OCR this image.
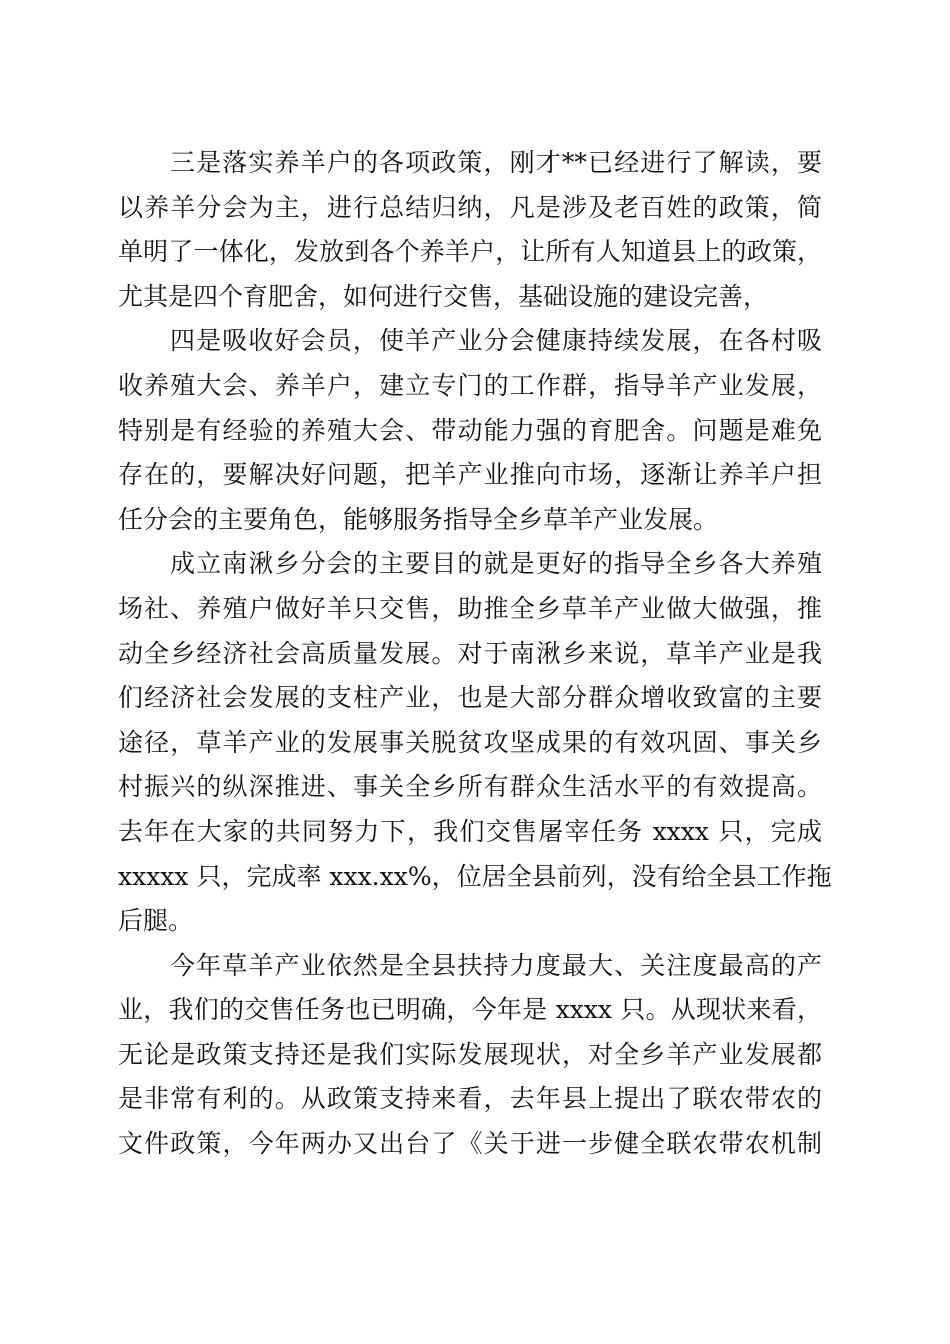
三是落实养羊户的各项政策，刚才**已经进行了解读，要
以养羊分会为主，进行总结归纳，凡是涉及老百姓的政策，简
单明了一体化，发放到各个养羊户，让所有人知道县上的政策，
尤其是四个育肥舍，如何进行交售，基础设施的建设完善，
四是吸收好会员，使羊产业分会健康持续发展，在各村吸
收养殖大会、养羊户，建立专门的工作群，指导羊产业发展，
特别是有经验的养殖大会、带动能力强的育肥舍。问题是难免
存在的，要解决好问题，把羊产业推向市场，逐渐让养羊户担
任分会的主要角色，能够服务指导全乡草羊产业发展。
成立南湫乡分会的主要目的就是更好的指导全乡各大养殖
场社、养殖户做好羊只交售，助推全乡草羊产业做大做强，推
动全乡经济社会高质量发展。对于南湫乡来说，草羊产业是我
们经济社会发展的支柱产业，也是大部分群众增收致富的主要
途径，草羊产业的发展事关脱贫攻坚成果的有效巩固、事关乡
村振兴的纵深推进、事关全乡所有群众生活水平的有效提高。
去年在大家的共同努力下，我们交售屠宰任务 xxxx 只，完成
xxxxx 只，完成率 xxx.xx%，位居全县前列，没有给全县工作拖
后腿。
今年草羊产业依然是全县扶持力度最大、关注度最高的产
业，我们的交售任务也已明确，今年是 xxxx 只。从现状来看，
无论是政策支持还是我们实际发展现状，对全乡羊产业发展都
是非常有利的。从政策支持来看，去年县上提出了联农带农的
文件政策，今年两办又出台了《关于进一步健全联农带农机制
